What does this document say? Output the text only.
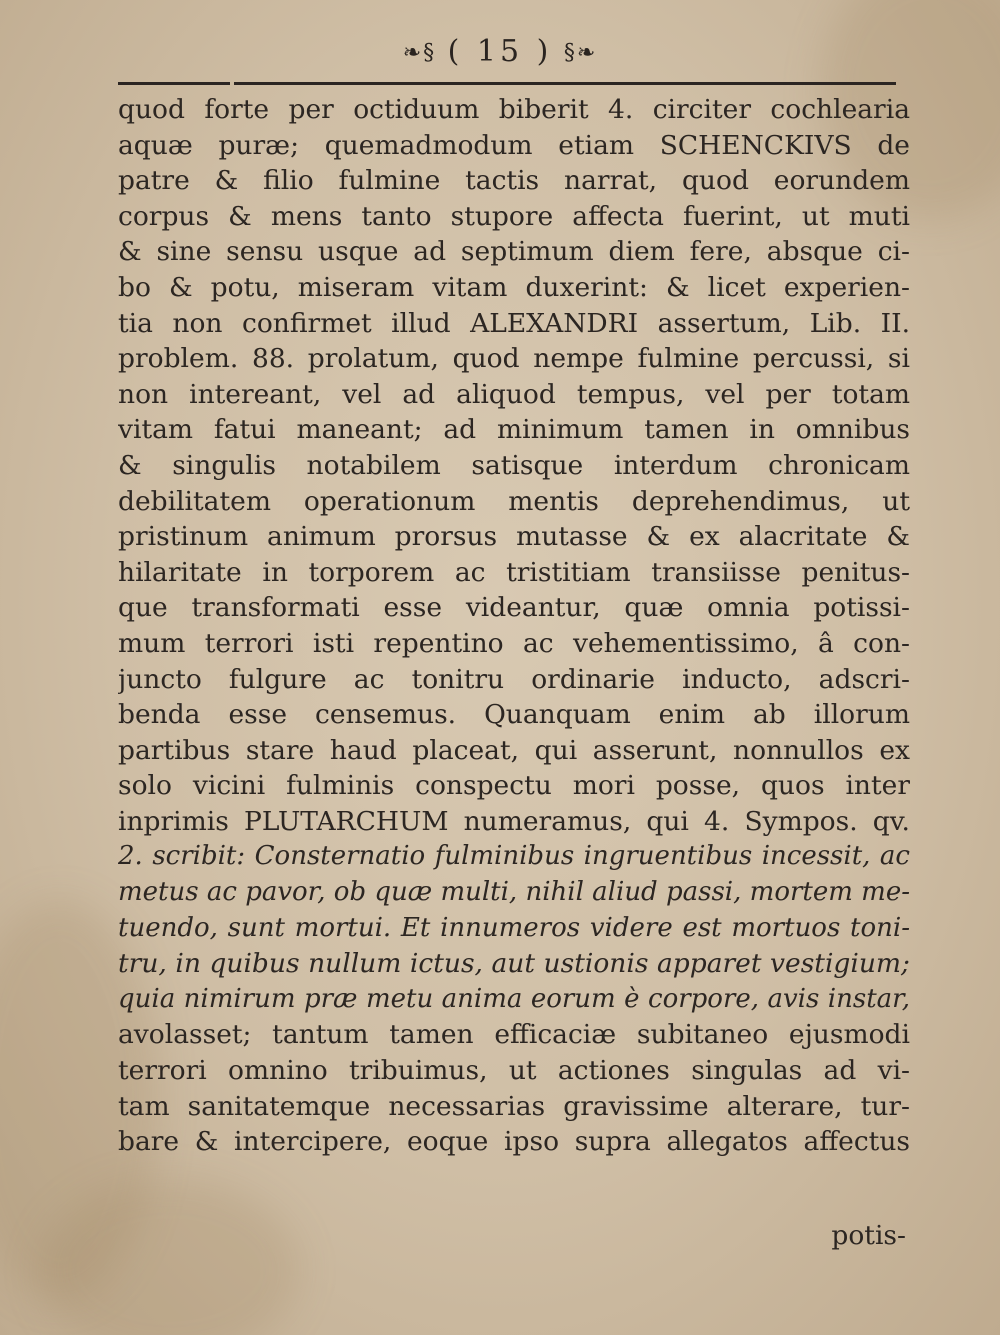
❧§ ( 15 ) §❧
quod forte per octiduum biberit 4. circiter cochlearia
aquæ puræ; quemadmodum etiam SCHENCKIVS de
patre & filio fulmine tactis narrat, quod eorundem
corpus & mens tanto stupore affecta fuerint, ut muti
& sine sensu usque ad septimum diem fere, absque ci-
bo & potu, miseram vitam duxerint: & licet experien-
tia non confirmet illud ALEXANDRI assertum, Lib. II.
problem. 88. prolatum, quod nempe fulmine percussi, si
non intereant, vel ad aliquod tempus, vel per totam
vitam fatui maneant; ad minimum tamen in omnibus
& singulis notabilem satisque interdum chronicam
debilitatem operationum mentis deprehendimus, ut
pristinum animum prorsus mutasse & ex alacritate &
hilaritate in torporem ac tristitiam transiisse penitus-
que transformati esse videantur, quæ omnia potissi-
mum terrori isti repentino ac vehementissimo, â con-
juncto fulgure ac tonitru ordinarie inducto, adscri-
benda esse censemus. Quanquam enim ab illorum
partibus stare haud placeat, qui asserunt, nonnullos ex
solo vicini fulminis conspectu mori posse, quos inter
inprimis PLUTARCHUM numeramus, qui 4. Sympos. qv.
2. scribit: Consternatio fulminibus ingruentibus incessit, ac
metus ac pavor, ob quæ multi, nihil aliud passi, mortem me-
tuendo, sunt mortui. Et innumeros videre est mortuos toni-
tru, in quibus nullum ictus, aut ustionis apparet vestigium;
quia nimirum præ metu anima eorum è corpore, avis instar,
avolasset; tantum tamen efficaciæ subitaneo ejusmodi
terrori omnino tribuimus, ut actiones singulas ad vi-
tam sanitatemque necessarias gravissime alterare, tur-
bare & intercipere, eoque ipso supra allegatos affectus
potis-
